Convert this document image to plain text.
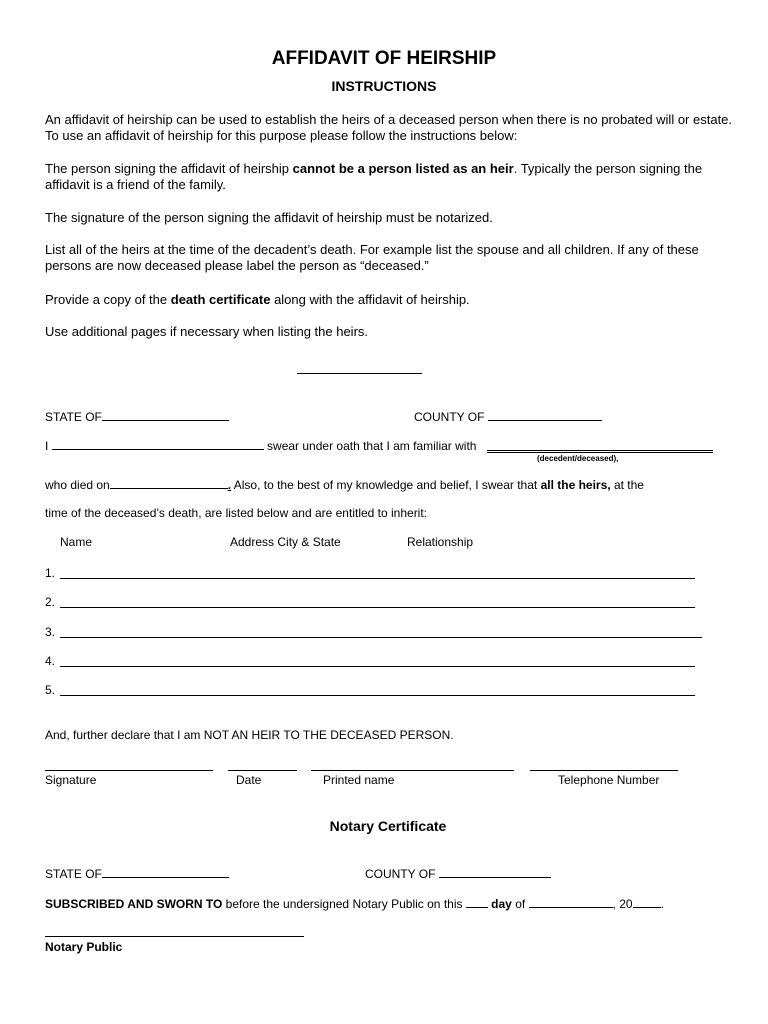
AFFIDAVIT OF HEIRSHIP
INSTRUCTIONS
An affidavit of heirship can be used to establish the heirs of a deceased person when there is no probated will or estate. To use an affidavit of heirship for this purpose please follow the instructions below:
The person signing the affidavit of heirship cannot be a person listed as an heir. Typically the person signing the affidavit is a friend of the family.
The signature of the person signing the affidavit of heirship must be notarized.
List all of the heirs at the time of the decadent’s death. For example list the spouse and all children. If any of these persons are now deceased please label the person as “deceased.”
Provide a copy of the death certificate along with the affidavit of heirship.
Use additional pages if necessary when listing the heirs.
STATE OF	COUNTY OF
I	swear under oath that I am familiar with
(decedent/deceased),
who died on	. Also, to the best of my knowledge and belief, I swear that all the heirs, at the
time of the deceased’s death, are listed below and are entitled to inherit:
Name	Address City & State	Relationship
1.
2.
3.
4.
5.
And, further declare that I am NOT AN HEIR TO THE DECEASED PERSON.
Signature	Date	Printed name	Telephone Number
Notary Certificate
STATE OF	COUNTY OF
SUBSCRIBED AND SWORN TO before the undersigned Notary Public on this  day of	, 20 .
Notary Public
